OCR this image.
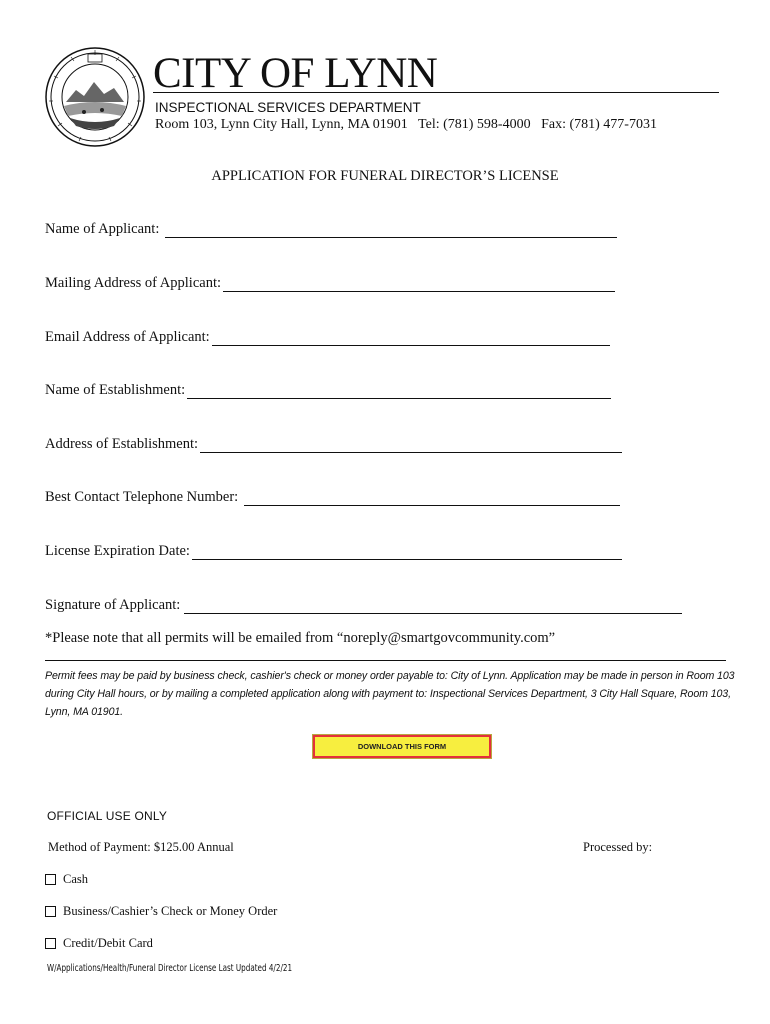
CITY OF LYNN
INSPECTIONAL SERVICES DEPARTMENT
Room 103, Lynn City Hall, Lynn, MA 01901   Tel: (781) 598-4000   Fax: (781) 477-7031
APPLICATION FOR FUNERAL DIRECTOR’S LICENSE
Name of Applicant:
Mailing Address of Applicant:
Email Address of Applicant:
Name of Establishment:
Address of Establishment:
Best Contact Telephone Number:
License Expiration Date:
Signature of Applicant:
*Please note that all permits will be emailed from “noreply@smartgovcommunity.com”
Permit fees may be paid by business check, cashier's check or money order payable to: City of Lynn. Application may be made in person in Room 103 during City Hall hours, or by mailing a completed application along with payment to: Inspectional Services Department, 3 City Hall Square, Room 103, Lynn, MA 01901.
DOWNLOAD THIS FORM
OFFICIAL USE ONLY
Method of Payment: $125.00 Annual	Processed by:
Cash
Business/Cashier’s Check or Money Order
Credit/Debit Card
W/Applications/Health/Funeral Director License Last Updated 4/2/21
